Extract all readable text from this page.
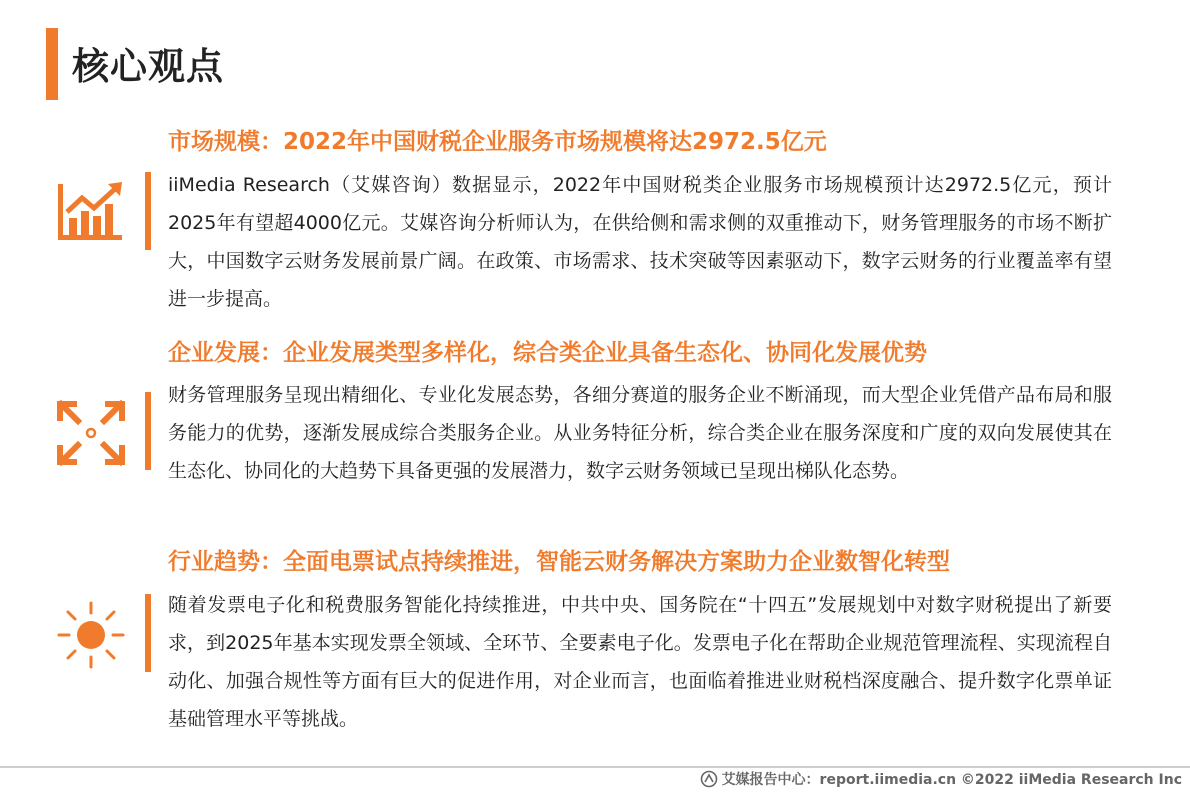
核心观点
市场规模：2022年中国财税企业服务市场规模将达2972.5亿元
iiMedia Research（艾媒咨询）数据显示，2022年中国财税类企业服务市场规模预计达2972.5亿元，预计2025年有望超4000亿元。艾媒咨询分析师认为，在供给侧和需求侧的双重推动下，财务管理服务的市场不断扩大，中国数字云财务发展前景广阔。在政策、市场需求、技术突破等因素驱动下，数字云财务的行业覆盖率有望进一步提高。
企业发展：企业发展类型多样化，综合类企业具备生态化、协同化发展优势
财务管理服务呈现出精细化、专业化发展态势，各细分赛道的服务企业不断涌现，而大型企业凭借产品布局和服务能力的优势，逐渐发展成综合类服务企业。从业务特征分析，综合类企业在服务深度和广度的双向发展使其在生态化、协同化的大趋势下具备更强的发展潜力，数字云财务领域已呈现出梯队化态势。
行业趋势：全面电票试点持续推进，智能云财务解决方案助力企业数智化转型
随着发票电子化和税费服务智能化持续推进，中共中央、国务院在“十四五”发展规划中对数字财税提出了新要求，到2025年基本实现发票全领域、全环节、全要素电子化。发票电子化在帮助企业规范管理流程、实现流程自动化、加强合规性等方面有巨大的促进作用，对企业而言，也面临着推进业财税档深度融合、提升数字化票单证基础管理水平等挑战。
艾媒报告中心：report.iimedia.cn ©2022 iiMedia Research Inc
